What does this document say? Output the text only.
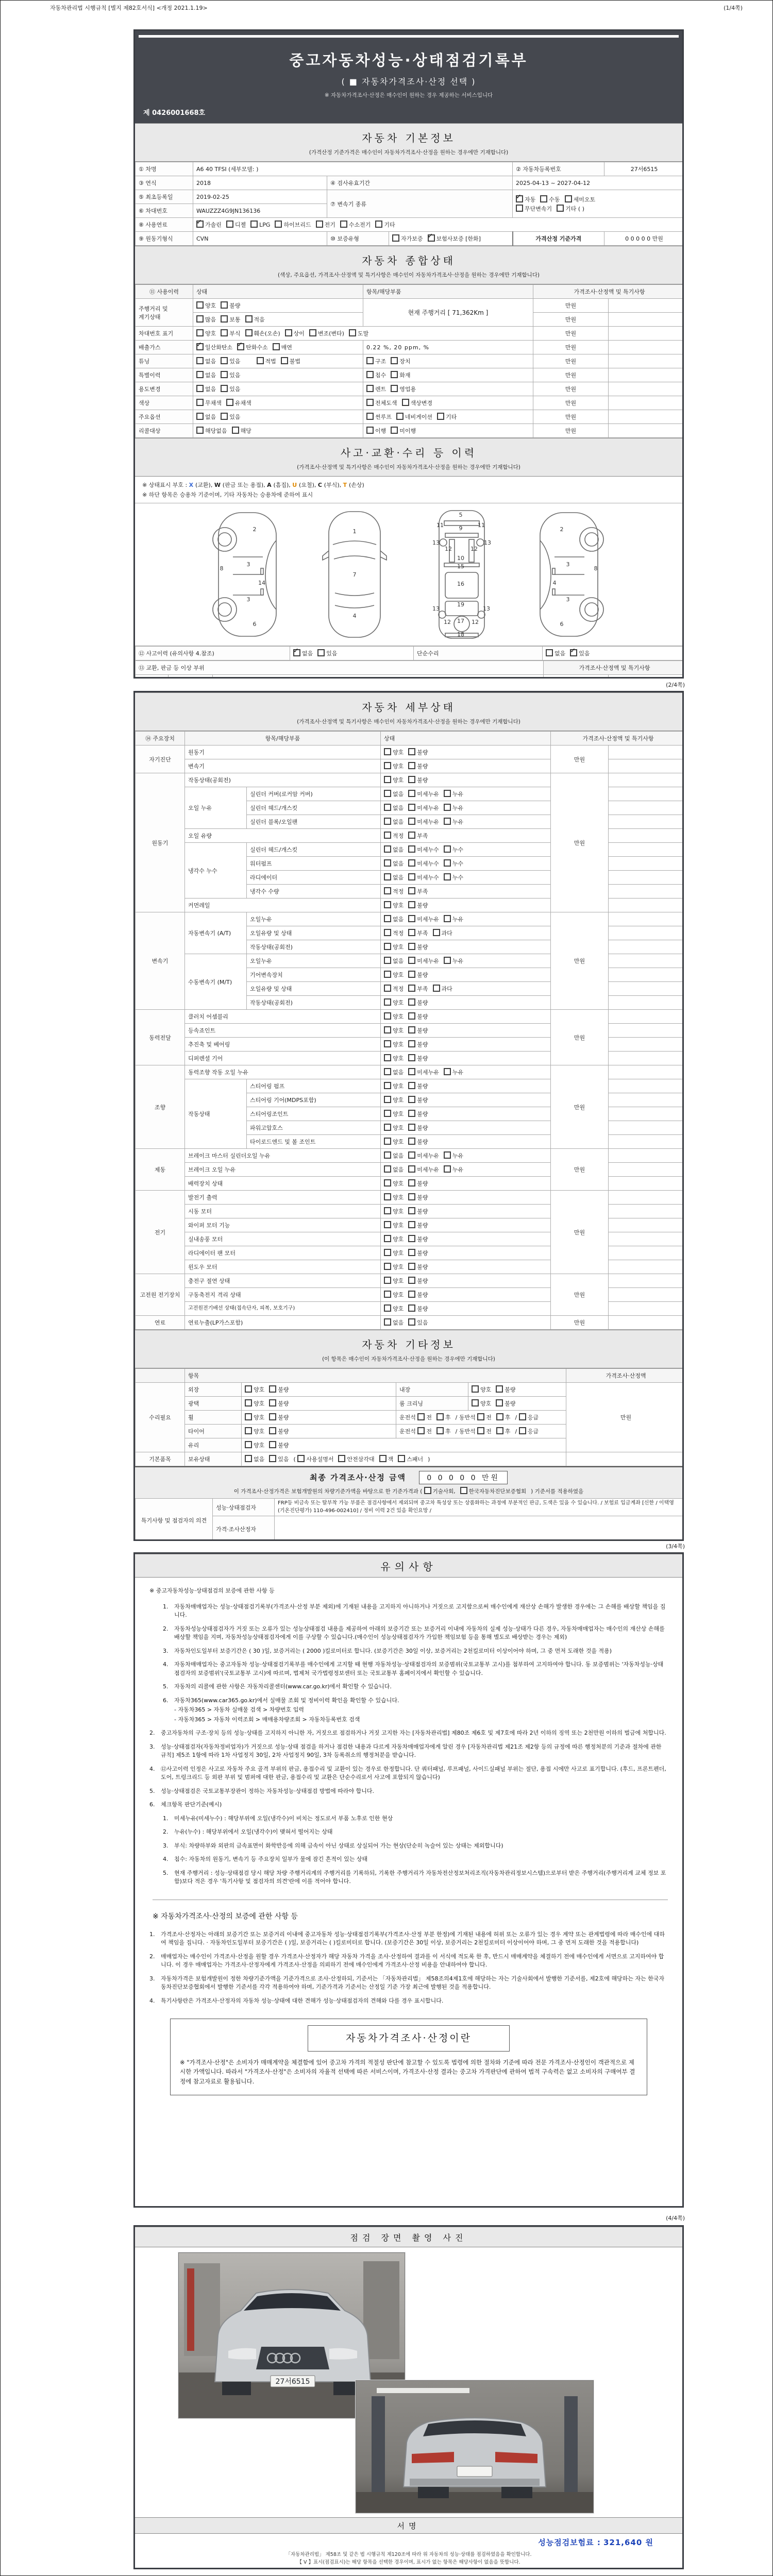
자동차관리법 시행규칙 [별지 제82호서식] <개정 2021.1.19>	(1/4쪽)
(2/4쪽)
(3/4쪽)
(4/4쪽)
중고자동차성능·상태점검기록부
( ■ 자동차가격조사·산정 선택 )
※ 자동차가격조사·산정은 매수인이 원하는 경우 제공하는 서비스입니다
제 0426001668호
자동차 기본정보
(가격산정 기준가격은 매수인이 자동차가격조사·산정을 원하는 경우에만 기재합니다)
① 차명	A6 40 TFSI (세부모델: )			② 자동차등록번호	27서6515
③ 연식	2018	④ 검사유효기간		2025-04-13 ~ 2027-04-12	
⑤ 최초등록일	2019-02-25	⑦ 변속기 종류	
✓자동 수동 세미오토
무단변속기 기타 ( )

⑥ 차대번호	WAUZZZ4G9JN136136				
⑧ 사용연료	✓가솔린 디젤 LPG 하이브리드 전기 수소전기 기타
⑨ 원동기형식	CVN	⑩ 보증유형	자가보증 ✓ 보험사보증 [한화]	가격산정 기준가격	0 0 0 0 0 만원
자동차 종합상태
(색상, 주요옵션, 가격조사·산정액 및 특기사항은 매수인이 자동차가격조사·산정을 원하는 경우에만 기재합니다)
⑪ 사용이력	상태	항목/해당부품	가격조사·산정액 및 특기사항	
주행거리 및 계기상태	양호 불량	현재 주행거리 [ 71,362Km ]	만원	
	많음 보통 적음		만원	
차대번호 표기	양호 부식 훼손(오손) 상이 변조(변타) 도말		만원	
배출가스	✓일산화탄소 ✓ 탄화수소 매연	0.22 %, 20 ppm, %	만원	
튜닝	없음 있음 적법 불법	구조 장치	만원	
특별이력	없음 있음	침수 화재	만원	
용도변경	없음 있음	렌트 영업용	만원	
색상	무채색 유채색	전체도색 색상변경	만원	
주요옵션	없음 있음	썬루프 네비게이션 기타	만원	
리콜대상	해당없음 해당	이행 미이행	만원	
사고·교환·수리 등 이력
(가격조사·산정액 및 특기사항은 매수인이 자동차가격조사·산정을 원하는 경우에만 기재합니다)
※ 상태표시 부호 : X (교환), W (판금 또는 용접), A (흠집), U (요철), C (부식), T (손상)
※ 하단 항목은 승용차 기준이며, 기타 자동차는 승용차에 준하여 표시
2
8
3
14
3
6
1
7
4
5
9
11	11
13	13
12	12
10
15
16
19
13	13
12	12
17
18
2
3
8
4
3
6
⑫ 사고이력 (유의사항 4.참조)	✓없음 있음	단순수리	없음 ✓ 있음
⑬ 교환, 판금 등 이상 부위			가격조사·산정액 및 특기사항	

자동차 세부상태
(가격조사·산정액 및 특기사항은 매수인이 자동차가격조사·산정을 원하는 경우에만 기재합니다)
⑭ 주요장치	항목/해당부품		상태	가격조사·산정액 및 특기사항	
자기진단	원동기		양호 불량	만원	
	변속기		양호 불량		
원동기	작동상태(공회전)		양호 불량	만원	
	오일 누유	실린더 커버(로커암 커버)	없음 미세누유 누유		
		실린더 헤드/개스킷	없음 미세누유 누유		
		실린더 블록/오일팬	없음 미세누유 누유		
	오일 유량		적정 부족		
	냉각수 누수	실린더 헤드/개스킷	없음 미세누수 누수		
		워터펌프	없음 미세누수 누수		
		라디에이터	없음 미세누수 누수		
		냉각수 수량	적정 부족		
	커먼레일		양호 불량		
변속기	자동변속기 (A/T)	오일누유	없음 미세누유 누유	만원	
		오일유량 및 상태	적정 부족 과다		
		작동상태(공회전)	양호 불량		
	수동변속기 (M/T)	오일누유	없음 미세누유 누유		
		기어변속장치	양호 불량		
		오일유량 및 상태	적정 부족 과다		
		작동상태(공회전)	양호 불량		
동력전달	클러치 어셈블리		양호 불량	만원	
	등속죠인트		양호 불량		
	추진축 및 베어링		양호 불량		
	디퍼렌셜 기어		양호 불량		
조향	동력조향 작동 오일 누유		없음 미세누유 누유	만원	
	작동상태	스티어링 펌프	양호 불량		
		스티어링 기어(MDPS포함)	양호 불량		
		스티어링조인트	양호 불량		
		파워고압호스	양호 불량		
		타이로드엔드 및 볼 조인트	양호 불량		
제동	브레이크 마스터 실린더오일 누유		없음 미세누유 누유	만원	
	브레이크 오일 누유		없음 미세누유 누유		
	배력장치 상태		양호 불량		
전기	발전기 출력		양호 불량	만원	
	시동 모터		양호 불량		
	와이퍼 모터 기능		양호 불량		
	실내송풍 모터		양호 불량		
	라디에이터 팬 모터		양호 불량		
	윈도우 모터		양호 불량		
고전원 전기장치	충전구 절연 상태		양호 불량	만원	
	구동축전지 격리 상태		양호 불량		
	고전원전기배선 상태(접속단자, 피복, 보호기구)		양호 불량		
연료	연료누출(LP가스포함)		없음 있음	만원	
자동차 기타정보
(이 항목은 매수인이 자동차가격조사·산정을 원하는 경우에만 기재합니다)
	항목				가격조사·산정액
수리필요	외장	양호 불량	내장	양호 불량	만원
	광택	양호 불량	룸 크리닝	양호 불량	
	휠	양호 불량	운전석 전 후 / 동반석 전 후 / 응급		
	타이어	양호 불량	운전석 전 후 / 동반석 전 후 / 응급		
	유리	양호 불량			
기본품목	보유상태	없음 있음 ( 사용설명서 안전삼각대 잭 스패너 )			
최종 가격조사·산정 금액	0 0 0 0 0 만원
이 가격조사·산정가격은 보험개발원의 차량기준가액을 바탕으로 한 기준가격과 ( 기술사회, 한국자동차진단보증협회 ) 기준서를 적용하였음
특기사항 및 점검자의 의견	성능·상태점검자	FRP등 비금속 또는 탈부착 가능 부품은 점검사항에서 제외되며 중고차 특성상 또는 상품화하는 과정에 부분적인 판금, 도색은 있을 수 있습니다. / 보험료 입금계좌 [신한 / 이택영(기온진단평가) 110-496-002410] / 정비 이력 2건 있음 확인요망 /
	가격·조사산정자	
유의사항
※ 중고자동차성능·상태점검의 보증에 관한 사항 등
1.	자동차매매업자는 성능·상태점검기록부(가격조사·산정 부분 제외)에 기재된 내용을 고지하지 아니하거나 거짓으로 고지함으로써 매수인에게 재산상 손해가 발생한 경우에는 그 손해를 배상할 책임을 집니다.
2.	자동차성능상태점검자가 거짓 또는 오류가 있는 성능상태점검 내용을 제공하여 아래의 보증기간 또는 보증거리 이내에 자동차의 실제 성능·상태가 다른 경우, 자동차매매업자는 매수인의 재산상 손해를 배상할 책임을 지며, 자동차성능상태점검자에게 이를 구상할 수 있습니다.(매수인이 성능상태점검자가 가입한 책임보험 등을 통해 별도로 배상받는 경우는 제외)
3.	자동차인도일부터 보증기간은 ( 30 )일, 보증거리는 ( 2000 )킬로미터로 합니다. (보증기간은 30일 이상, 보증거리는 2천킬로미터 이상이어야 하며, 그 중 먼저 도래한 것을 적용)
4.	자동차매매업자는 중고자동차 성능·상태점검기록부를 매수인에게 고지할 때 현행 자동차성능·상태점검자의 보증범위(국토교통부 고시)를 첨부하여 고지하여야 합니다. 동 보증범위는 '자동차성능·상태점검자의 보증범위'(국토교통부 고시)에 따르며, 법제처 국가법령정보센터 또는 국토교통부 홈페이지에서 확인할 수 있습니다.
5.	자동차의 리콜에 관한 사항은 자동차리콜센터(www.car.go.kr)에서 확인할 수 있습니다.
6.	자동차365(www.car365.go.kr)에서 실매물 조회 및 정비이력 확인을 확인할 수 있습니다.
- 자동차365 > 자동차 실매물 검색 > 차량번호 입력
- 자동차365 > 자동차 이력조회 > 매매용차량조회 > 자동차등록번호 검색
2.	중고자동차의 구조·장치 등의 성능·상태를 고지하지 아니한 자, 거짓으로 점검하거나 거짓 고지한 자는 [자동차관리법] 제80조 제6호 및 제7호에 따라 2년 이하의 징역 또는 2천만원 이하의 벌금에 처합니다.
3.	성능·상태점검자(자동차정비업자)가 거짓으로 성능·상태 점검을 하거나 점검한 내용과 다르게 자동차매매업자에게 알린 경우 [자동차관리법 제21조 제2항 등의 규정에 따른 행정처분의 기준과 절차에 관한 규칙] 제5조 1항에 따라 1차 사업정지 30일, 2차 사업정지 90일, 3차 등록취소의 행정처분을 받습니다.
4.	⑫사고이력 인정은 사고로 자동차 주요 골격 부위의 판금, 용접수리 및 교환이 있는 경우로 한정합니다. 단 쿼터패널, 루프패널, 사이드실패널 부위는 절단, 용접 시에만 사고로 표기합니다. (후드, 프론트펜더, 도어, 트렁크리드 등 외판 부위 및 범퍼에 대한 판금, 용접수리 및 교환은 단순수리로서 사고에 포함되지 않습니다)
5.	성능·상태점검은 국토교통부장관이 정하는 자동차성능·상태점검 방법에 따라야 합니다.
6.	체크항목 판단기준(예시)
1.	미세누유(미세누수) : 해당부위에 오일(냉각수)이 비치는 정도로서 부품 노후로 인한 현상
2.	누유(누수) : 해당부위에서 오일(냉각수)이 맺혀서 떨어지는 상태
3.	부식: 차량하부와 외판의 금속표면이 화학반응에 의해 금속이 아닌 상태로 상실되어 가는 현상(단순히 녹슬어 있는 상태는 제외합니다)
4.	침수: 자동차의 원동기, 변속기 등 주요장치 일부가 물에 잠긴 흔적이 있는 상태
5.	현재 주행거리 : 성능·상태점검 당시 해당 차량 주행거리계의 주행거리를 기록하되, 기록한 주행거리가 자동차전산정보처리조직(자동차관리정보시스템)으로부터 받은 주행거리(주행거리계 교체 정보 포함)보다 적은 경우 '특기사항 및 점검자의 의견'란에 이를 적어야 합니다.
※ 자동차가격조사·산정의 보증에 관한 사항 등
1.	가격조사·산정자는 아래의 보증기간 또는 보증거리 이내에 중고자동차 성능·상태점검기록부(가격조사·산정 부분 한정)에 기재된 내용에 허위 또는 오류가 있는 경우 계약 또는 관계법령에 따라 매수인에 대하여 책임을 집니다. · 자동차인도일부터 보증기간은 ( )일, 보증거리는 ( )킬로미터로 합니다. (보증기간은 30일 이상, 보증거리는 2천킬로미터 이상이어야 하며, 그 중 먼저 도래한 것을 적용합니다)
2.	매매업자는 매수인이 가격조사·산정을 원할 경우 가격조사·산정자가 해당 자동차 가격을 조사·산정하여 결과를 이 서식에 적도록 한 후, 반드시 매매계약을 체결하기 전에 매수인에게 서면으로 고지하여야 합니다. 이 경우 매매업자는 가격조사·산정자에게 가격조사·산정을 의뢰하기 전에 매수인에게 가격조사·산정 비용을 안내하여야 합니다.
3.	자동차가격은 보험개발원이 정한 차량기준가액을 기준가격으로 조사·산정하되, 기준서는 「자동차관리법」 제58조의4제1호에 해당하는 자는 기술사회에서 발행한 기준서를, 제2호에 해당하는 자는 한국자동차진단보증협회에서 발행한 기준서를 각각 적용하여야 하며, 기준가격과 기준서는 산정일 기준 가장 최근에 발행된 것을 적용합니다.
4.	특기사항란은 가격조사·산정자의 자동차 성능·상태에 대한 견해가 성능·상태점검자의 견해와 다를 경우 표시합니다.
자동차가격조사·산정이란
※ "가격조사·산정"은 소비자가 매매계약을 체결함에 있어 중고차 가격의 적절성 판단에 참고할 수 있도록 법령에 의한 절차와 기준에 따라 전문 가격조사·산정인이 객관적으로 제시한 가액입니다. 따라서 "가격조사·산정"은 소비자의 자율적 선택에 따른 서비스이며, 가격조사·산정 결과는 중고차 가격판단에 관하여 법적 구속력은 없고 소비자의 구매여부 결정에 참고자료로 활용됩니다.
점검 장면 촬영 사진
27서6515
서명
성능점검보험료 : 321,640 원
「자동차관리법」 제58조 및 같은 법 시행규칙 제120조에 따라 위 자동차의 성능·상태를 점검하였음을 확인합니다.
【 V 】표시(점검표시)는 해당 항목을 선택한 경우이며, 표시가 없는 항목은 해당사항이 없음을 뜻합니다.
